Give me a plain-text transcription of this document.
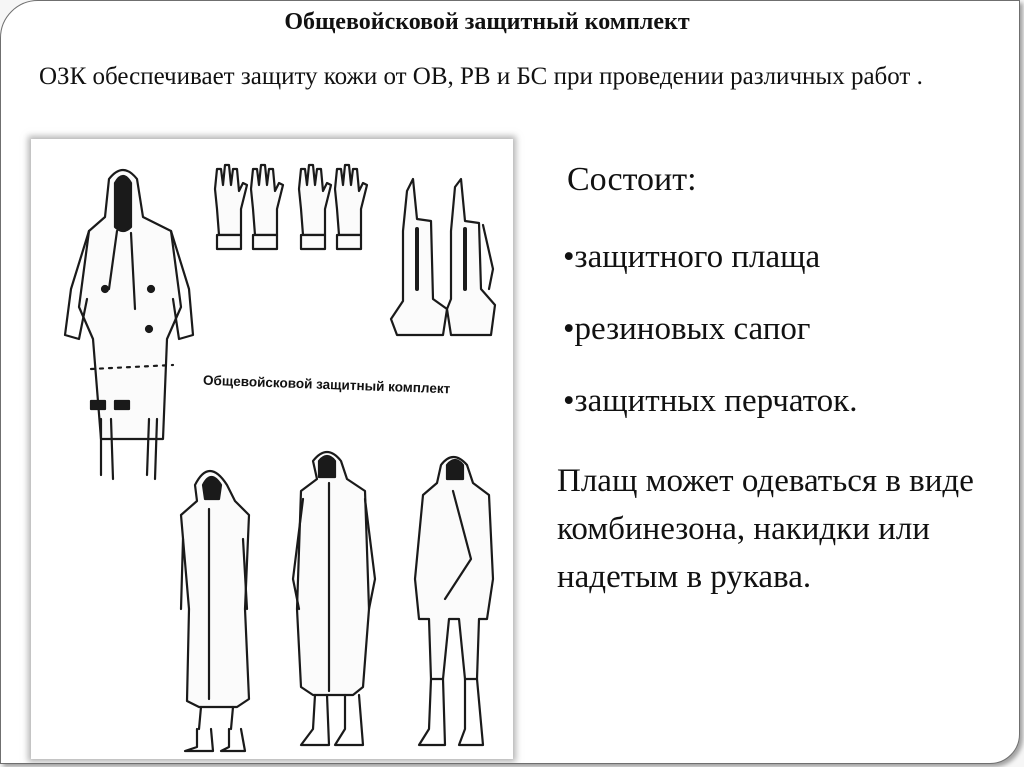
Общевойсковой защитный комплект
ОЗК обеспечивает защиту кожи от ОВ, РВ и БС при проведении различных работ .
Общевойсковой защитный комплект
Состоит:
•защитного плаща
•резиновых сапог
•защитных перчаток.
Плащ может одеваться в виде комбинезона, накидки или надетым в рукава.
